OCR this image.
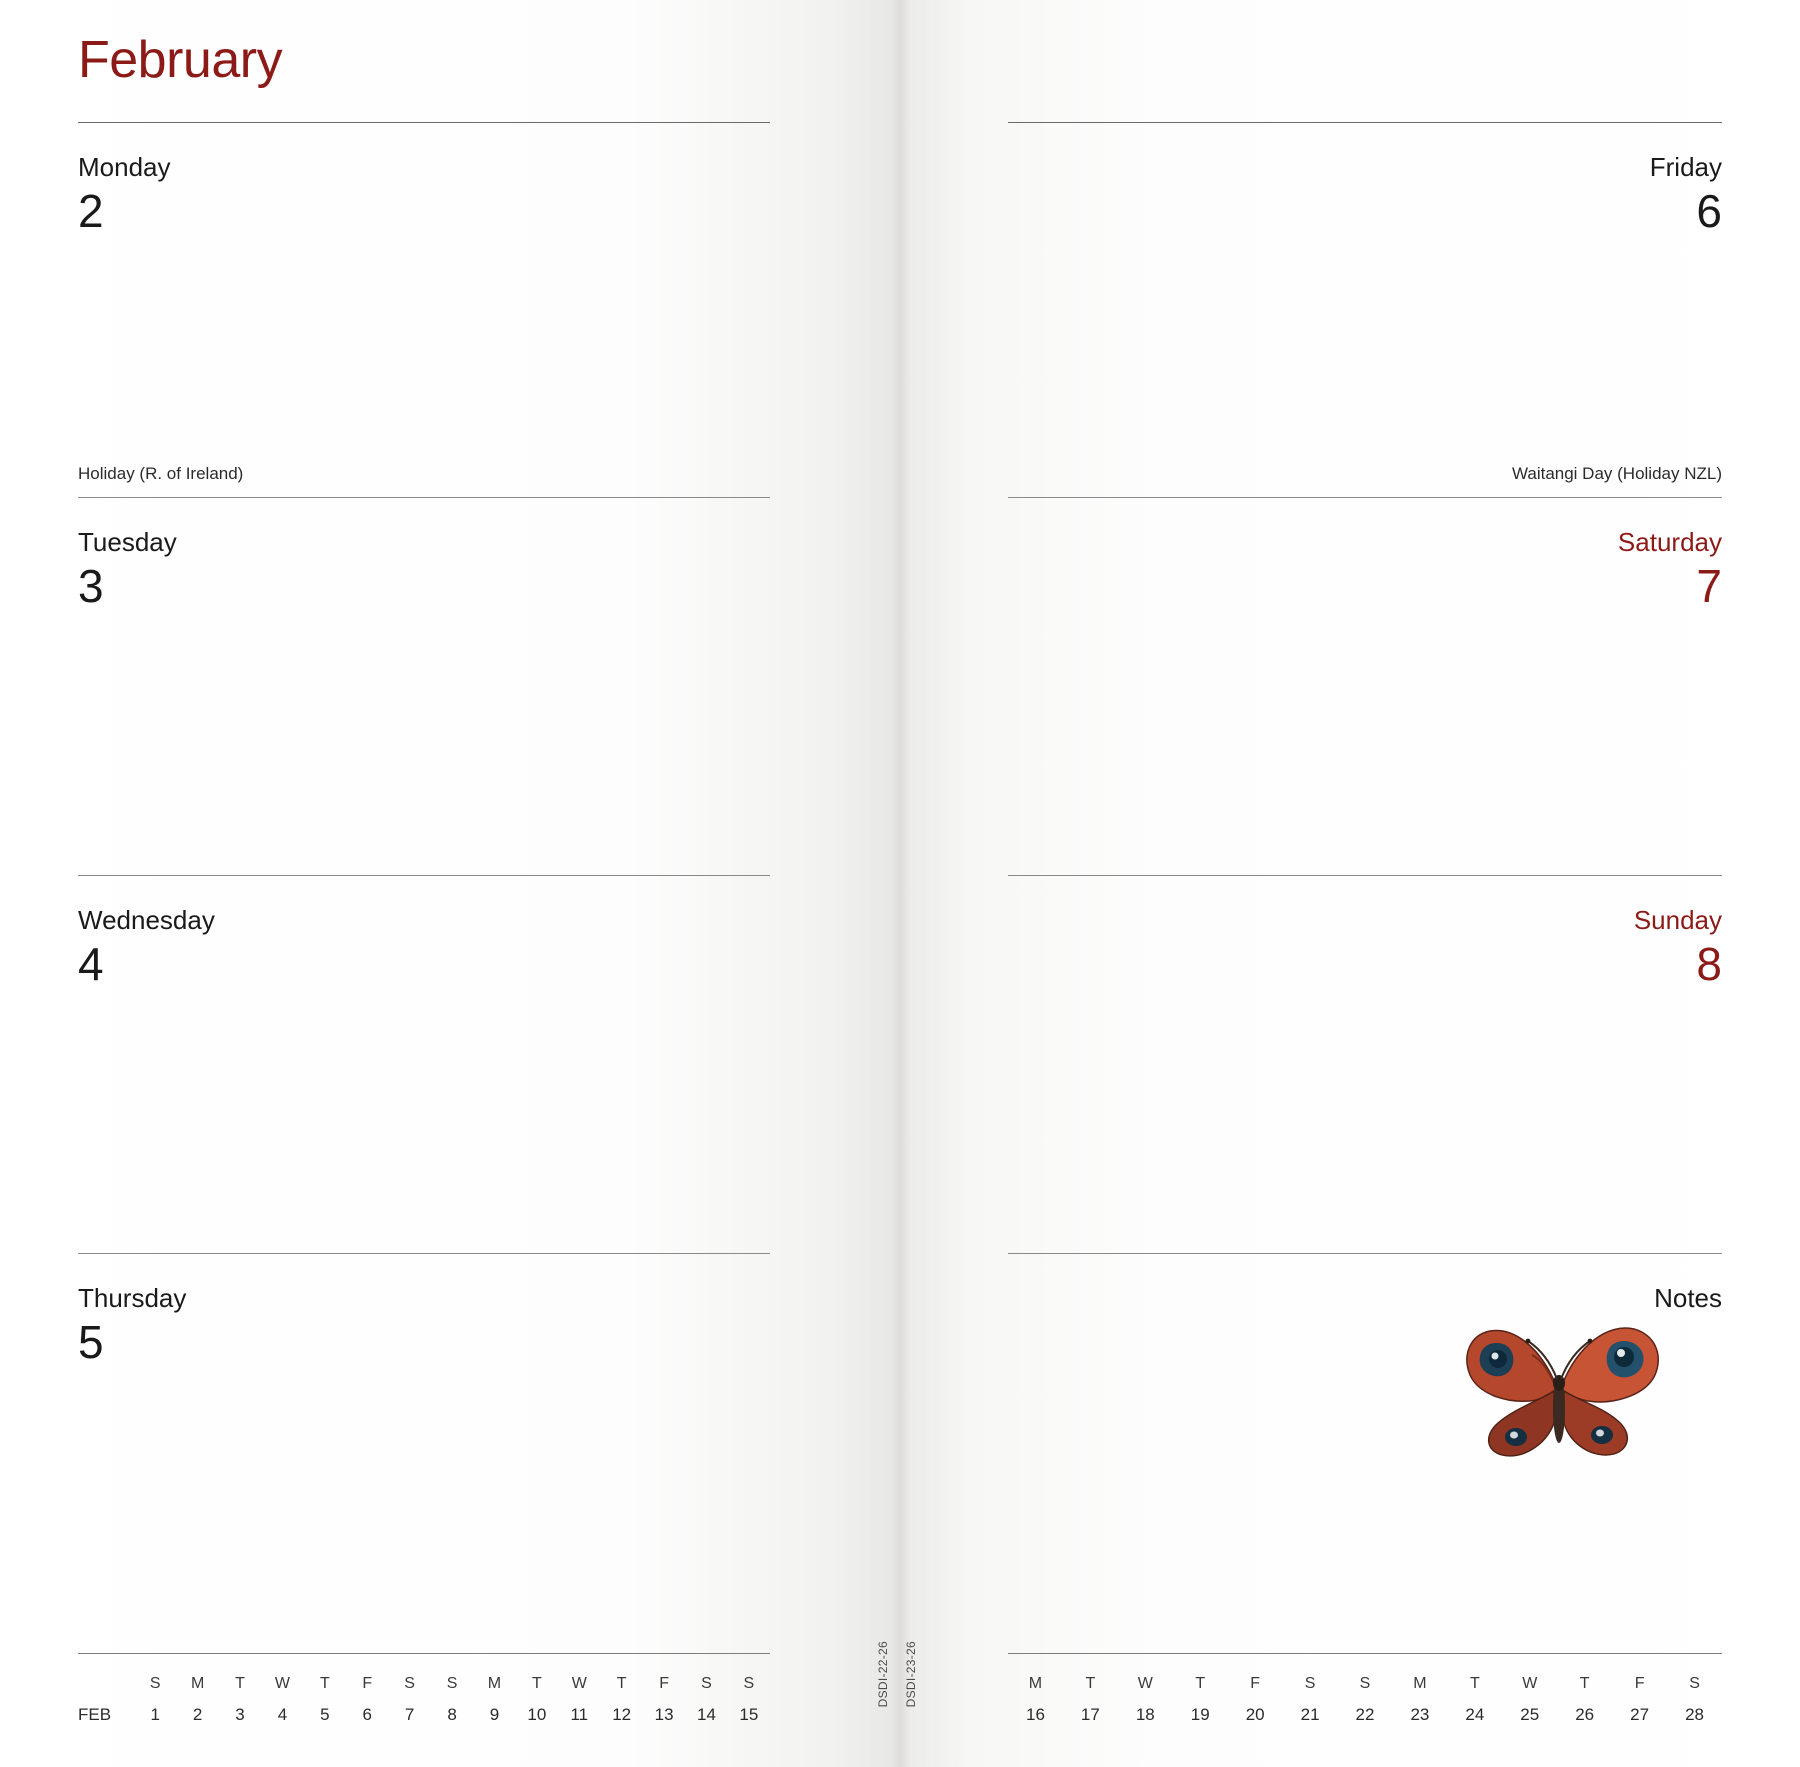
February
Monday
2
Holiday (R. of Ireland)
Tuesday
3
Wednesday
4
Thursday
5
FEB
S
1
M
2
T
3
W
4
T
5
F
6
S
7
S
8
M
9
T
10
W
11
T
12
F
13
S
14
S
15
DSDI-22-26 DSDI-23-26
Friday
6
Waitangi Day (Holiday NZL)
Saturday
7
Sunday
8
Notes
M
16
T
17
W
18
T
19
F
20
S
21
S
22
M
23
T
24
W
25
T
26
F
27
S
28
